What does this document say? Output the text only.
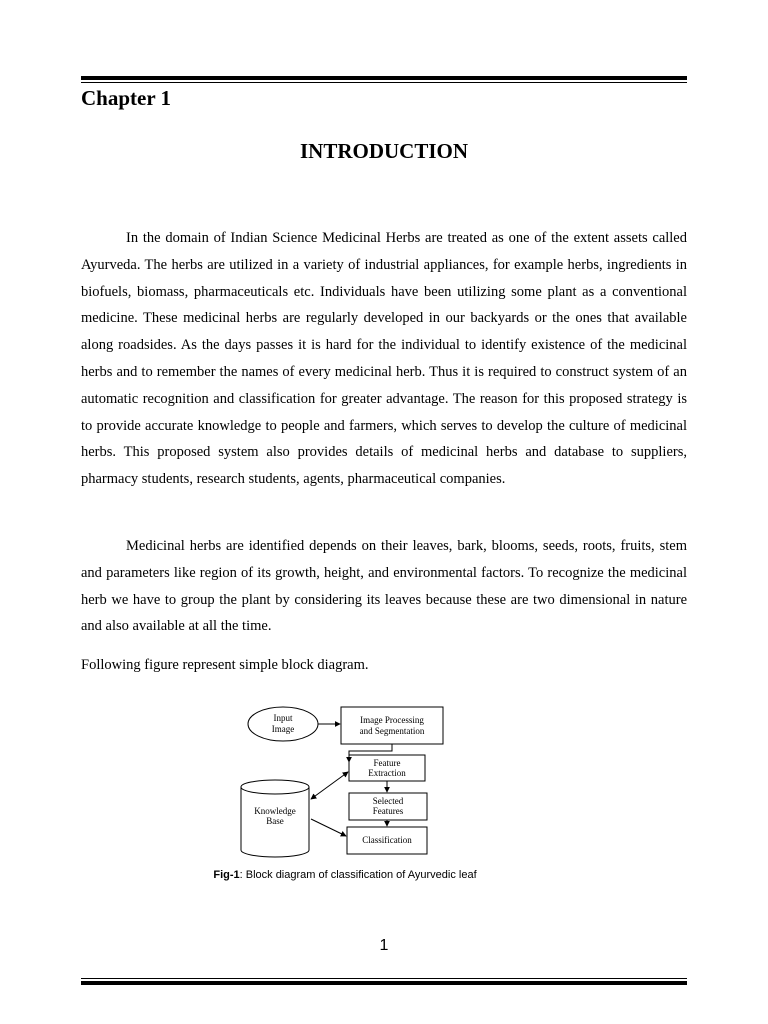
Chapter 1
INTRODUCTION

In the domain of Indian Science Medicinal Herbs are treated as one of the extent assets called Ayurveda. The herbs are utilized in a variety of industrial appliances, for example herbs, ingredients in biofuels, biomass, pharmaceuticals etc. Individuals have been utilizing some plant as a conventional medicine. These medicinal herbs are regularly developed in our backyards or the ones that available along roadsides. As the days passes it is hard for the individual to identify existence of the medicinal herbs and to remember the names of every medicinal herb. Thus it is required to construct system of an automatic recognition and classification for greater advantage. The reason for this proposed strategy is to provide accurate knowledge to people and farmers, which serves to develop the culture of medicinal herbs. This proposed system also provides details of medicinal herbs and database to suppliers, pharmacy students, research students, agents, pharmaceutical companies.

Medicinal herbs are identified depends on their leaves, bark, blooms, seeds, roots, fruits, stem and parameters like region of its growth, height, and environmental factors. To recognize the medicinal herb we have to group the plant by considering its leaves because these are two dimensional in nature and also available at all the time.

Following figure represent simple block diagram.

Input
Image
Image Processing
and Segmentation
Feature
Extraction
Selected
Features
Classification
Knowledge
Base

Fig-1: Block diagram of classification of Ayurvedic leaf

1
